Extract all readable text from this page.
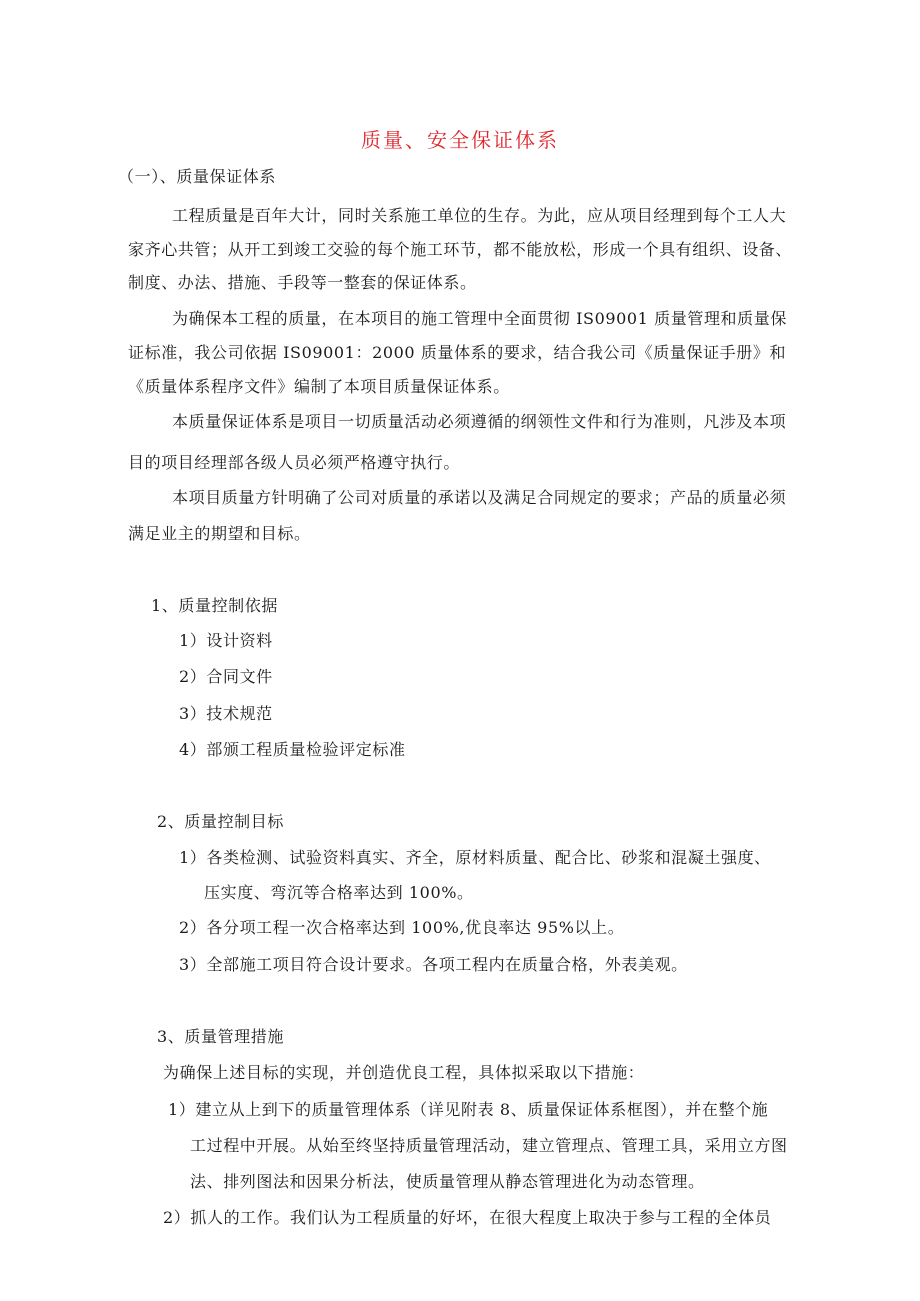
质量、安全保证体系
（一）、质量保证体系
工程质量是百年大计，同时关系施工单位的生存。为此，应从项目经理到每个工人大
家齐心共管；从开工到竣工交验的每个施工环节，都不能放松，形成一个具有组织、设备、
制度、办法、措施、手段等一整套的保证体系。
为确保本工程的质量，在本项目的施工管理中全面贯彻 IS09001 质量管理和质量保
证标准，我公司依据 IS09001：2000 质量体系的要求，结合我公司《质量保证手册》和
《质量体系程序文件》编制了本项目质量保证体系。
本质量保证体系是项目一切质量活动必须遵循的纲领性文件和行为准则，凡涉及本项
目的项目经理部各级人员必须严格遵守执行。
本项目质量方针明确了公司对质量的承诺以及满足合同规定的要求；产品的质量必须
满足业主的期望和目标。
1、质量控制依据
1）设计资料
2）合同文件
3）技术规范
4）部颁工程质量检验评定标准
2、质量控制目标
1）各类检测、试验资料真实、齐全，原材料质量、配合比、砂浆和混凝土强度、
压实度、弯沉等合格率达到 100%。
2）各分项工程一次合格率达到 100%,优良率达 95%以上。
3）全部施工项目符合设计要求。各项工程内在质量合格，外表美观。
3、质量管理措施
为确保上述目标的实现，并创造优良工程，具体拟采取以下措施：
1）建立从上到下的质量管理体系（详见附表 8、质量保证体系框图），并在整个施
工过程中开展。从始至终坚持质量管理活动，建立管理点、管理工具，采用立方图
法、排列图法和因果分析法，使质量管理从静态管理进化为动态管理。
2）抓人的工作。我们认为工程质量的好坏，在很大程度上取决于参与工程的全体员
